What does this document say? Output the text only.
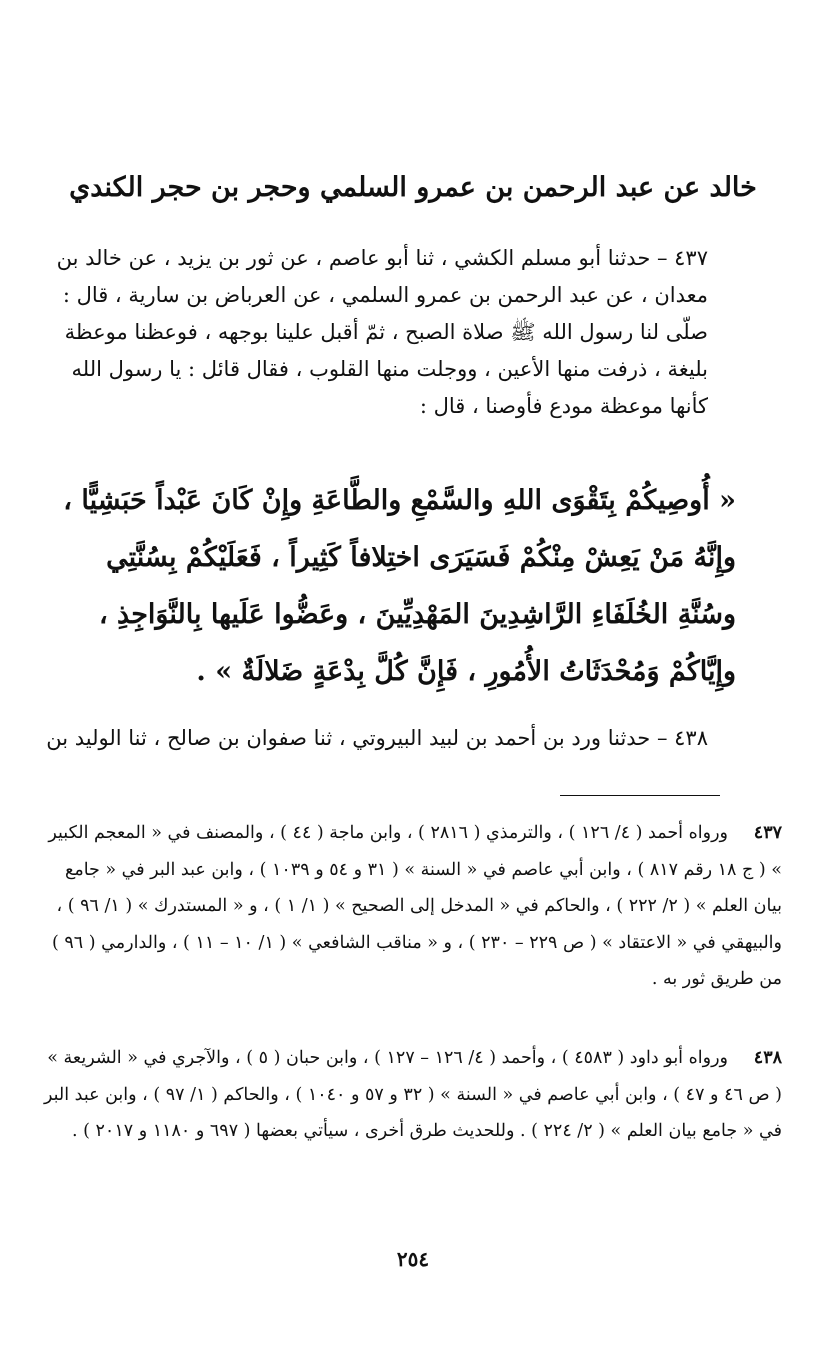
خالد عن عبد الرحمن بن عمرو السلمي وحجر بن حجر الكندي
٤٣٧ – حدثنا أبو مسلم الكشي ، ثنا أبو عاصم ، عن ثور بن يزيد ، عن خالد بن معدان ، عن عبد الرحمن بن عمرو السلمي ، عن العرباض بن سارية ، قال : صلّى لنا رسول الله ﷺ صلاة الصبح ، ثمّ أقبل علينا بوجهه ، فوعظنا موعظة بليغة ، ذرفت منها الأعين ، ووجلت منها القلوب ، فقال قائل : يا رسول الله كأنها موعظة مودع فأوصنا ، قال :
« أُوصِيكُمْ بِتَقْوَى اللهِ والسَّمْعِ والطَّاعَةِ وإِنْ كَانَ عَبْداً حَبَشِيًّا ، وإِنَّهُ مَنْ يَعِشْ مِنْكُمْ فَسَيَرَى اختِلافاً كَثِيراً ، فَعَلَيْكُمْ بِسُنَّتِي وسُنَّةِ الخُلَفَاءِ الرَّاشِدِينَ المَهْدِيِّينَ ، وعَضُّوا عَلَيها بِالنَّوَاجِذِ ، وإِيَّاكُمْ وَمُحْدَثَاتُ الأُمُورِ ، فَإِنَّ كُلَّ بِدْعَةٍ ضَلالَةٌ » .
٤٣٨ – حدثنا ورد بن أحمد بن لبيد البيروتي ، ثنا صفوان بن صالح ، ثنا الوليد بن
٤٣٧ورواه أحمد ( ٤/ ١٢٦ ) ، والترمذي ( ٢٨١٦ ) ، وابن ماجة ( ٤٤ ) ، والمصنف في « المعجم الكبير » ( ج ١٨ رقم ٨١٧ ) ، وابن أبي عاصم في « السنة » ( ٣١ و ٥٤ و ١٠٣٩ ) ، وابن عبد البر في « جامع بيان العلم » ( ٢/ ٢٢٢ ) ، والحاكم في « المدخل إلى الصحيح » ( ١/ ١ ) ، و « المستدرك » ( ١/ ٩٦ ) ، والبيهقي في « الاعتقاد » ( ص ٢٢٩ – ٢٣٠ ) ، و « مناقب الشافعي » ( ١/ ١٠ – ١١ ) ، والدارمي ( ٩٦ ) من طريق ثور به .
٤٣٨ورواه أبو داود ( ٤٥٨٣ ) ، وأحمد ( ٤/ ١٢٦ – ١٢٧ ) ، وابن حبان ( ٥ ) ، والآجري في « الشريعة » ( ص ٤٦ و ٤٧ ) ، وابن أبي عاصم في « السنة » ( ٣٢ و ٥٧ و ١٠٤٠ ) ، والحاكم ( ١/ ٩٧ ) ، وابن عبد البر في « جامع بيان العلم » ( ٢/ ٢٢٤ ) . وللحديث طرق أخرى ، سيأتي بعضها ( ٦٩٧ و ١١٨٠ و ٢٠١٧ ) .
٢٥٤
